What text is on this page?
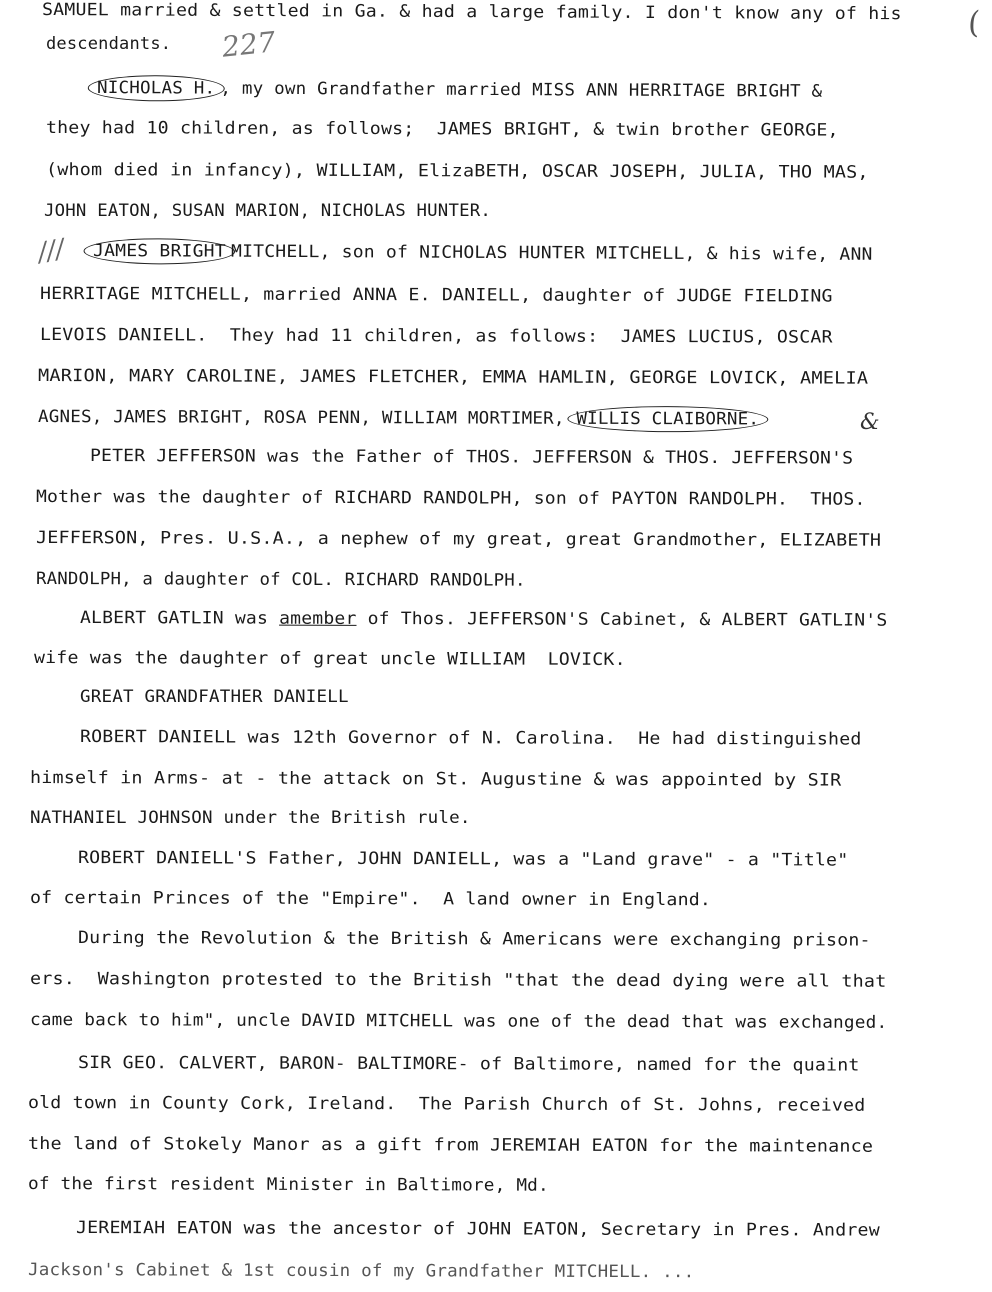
SAMUEL married & settled in Ga. & had a large family. I don't know any of his
descendants.
NICHOLAS H. , my own Grandfather married MISS ANN HERRITAGE BRIGHT &
they had 10 children, as follows;  JAMES BRIGHT, & twin brother GEORGE,
(whom died in infancy), WILLIAM, ElizaBETH, OSCAR JOSEPH, JULIA, THO MAS,
JOHN EATON, SUSAN MARION, NICHOLAS HUNTER.
JAMES BRIGHT MITCHELL, son of NICHOLAS HUNTER MITCHELL, & his wife, ANN
HERRITAGE MITCHELL, married ANNA E. DANIELL, daughter of JUDGE FIELDING
LEVOIS DANIELL.  They had 11 children, as follows:  JAMES LUCIUS, OSCAR
MARION, MARY CAROLINE, JAMES FLETCHER, EMMA HAMLIN, GEORGE LOVICK, AMELIA
AGNES, JAMES BRIGHT, ROSA PENN, WILLIAM MORTIMER, WILLIS CLAIBORNE.
PETER JEFFERSON was the Father of THOS. JEFFERSON & THOS. JEFFERSON'S
Mother was the daughter of RICHARD RANDOLPH, son of PAYTON RANDOLPH.  THOS.
JEFFERSON, Pres. U.S.A., a nephew of my great, great Grandmother, ELIZABETH
RANDOLPH, a daughter of COL. RICHARD RANDOLPH.
ALBERT GATLIN was amember of Thos. JEFFERSON'S Cabinet, & ALBERT GATLIN'S
wife was the daughter of great uncle WILLIAM  LOVICK.
GREAT GRANDFATHER DANIELL
ROBERT DANIELL was 12th Governor of N. Carolina.  He had distinguished
himself in Arms- at - the attack on St. Augustine & was appointed by SIR
NATHANIEL JOHNSON under the British rule.
ROBERT DANIELL'S Father, JOHN DANIELL, was a "Land grave" - a "Title"
of certain Princes of the "Empire".  A land owner in England.
During the Revolution & the British & Americans were exchanging prison-
ers.  Washington protested to the British "that the dead dying were all that
came back to him", uncle DAVID MITCHELL was one of the dead that was exchanged.
SIR GEO. CALVERT, BARON- BALTIMORE- of Baltimore, named for the quaint
old town in County Cork, Ireland.  The Parish Church of St. Johns, received
the land of Stokely Manor as a gift from JEREMIAH EATON for the maintenance
of the first resident Minister in Baltimore, Md.
JEREMIAH EATON was the ancestor of JOHN EATON, Secretary in Pres. Andrew
Jackson's Cabinet & 1st cousin of my Grandfather MITCHELL. ...
227
///
&
(
